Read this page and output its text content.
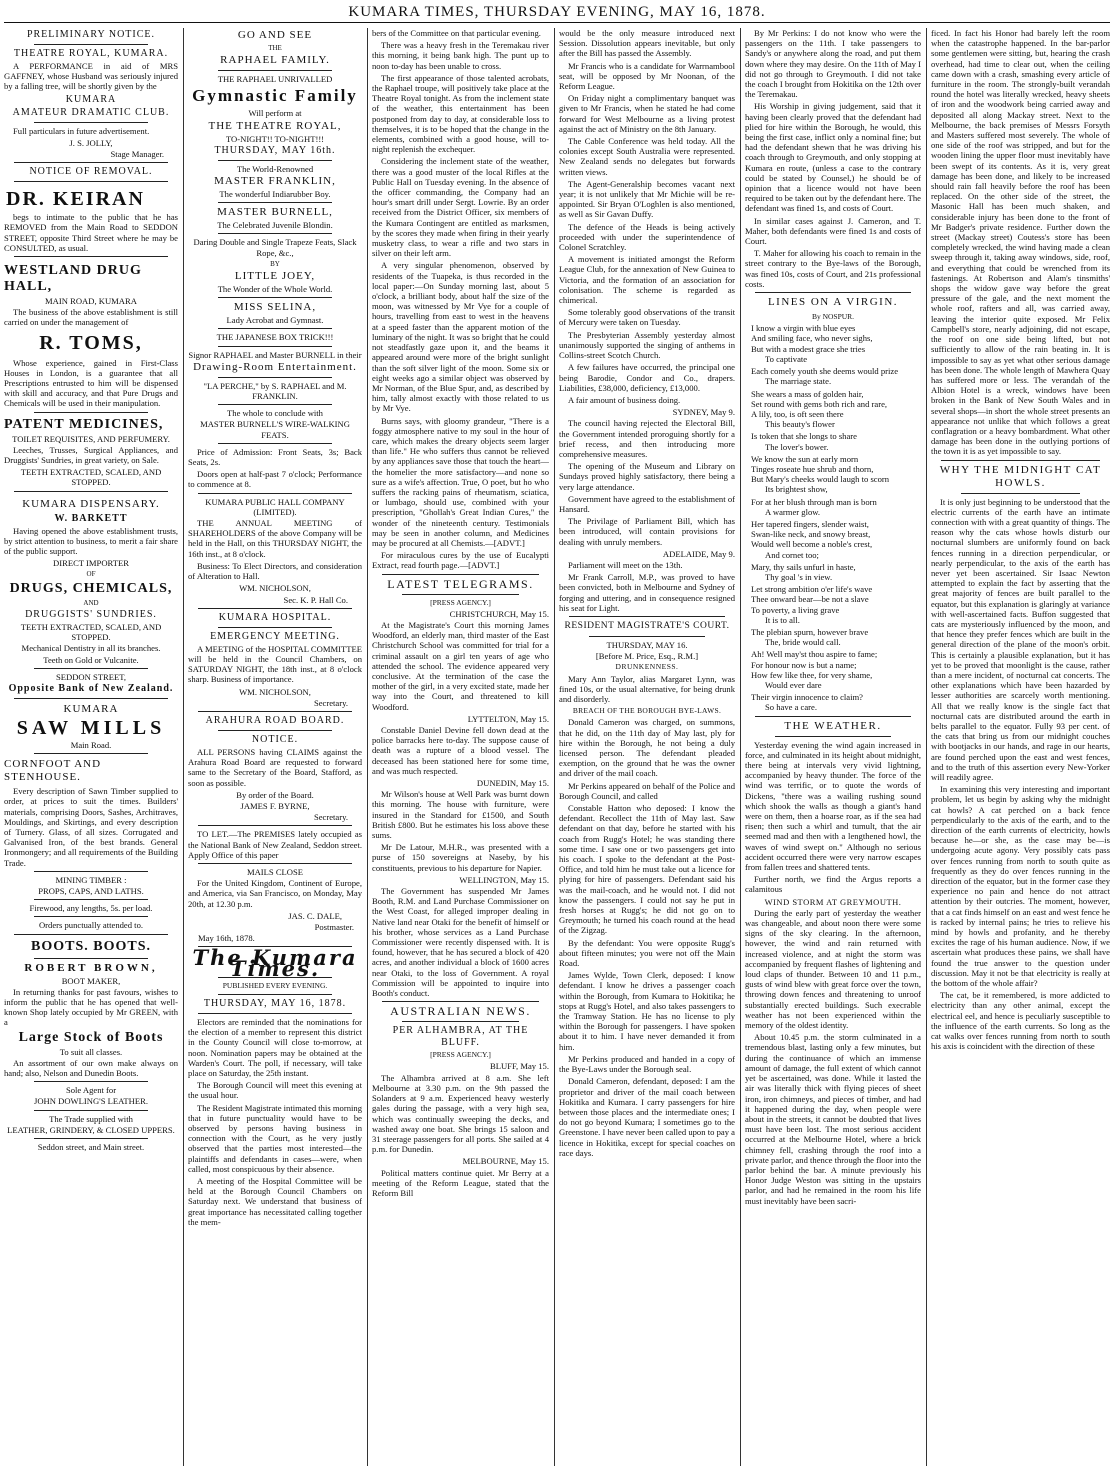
KUMARA TIMES, THURSDAY EVENING, MAY 16, 1878.
PRELIMINARY NOTICE.
THEATRE ROYAL, KUMARA.

A PERFORMANCE in aid of MRS GAFFNEY, whose Husband was seriously injured by a falling tree, will be shortly given by the

KUMARA
AMATEUR DRAMATIC CLUB.

Full particulars in future advertisement.

J. S. JOLLY,
Stage Manager.
NOTICE OF REMOVAL.
DR. KEIRAN

begs to intimate to the public that he has REMOVED from the Main Road to SEDDON STREET, opposite Third Street where he may be CONSULTED, as usual.

WESTLAND DRUG HALL,
MAIN ROAD, KUMARA

The business of the above establishment is still carried on under the management of

R. TOMS,

Whose experience, gained in First-Class Houses in London, is a guarantee that all Prescriptions entrusted to him will be dispensed with skill and accuracy, and that Pure Drugs and Chemicals will be used in their manipulation.

PATENT MEDICINES,
TOILET REQUISITES, AND PERFUMERY.

Leeches, Trusses, Surgical Appliances, and Druggists' Sundries, in great variety, on Sale.

TEETH EXTRACTED, SCALED, AND STOPPED.
KUMARA DISPENSARY.
W. BARKETT

Having opened the above establishment trusts, by strict attention to business, to merit a fair share of the public support.

DIRECT IMPORTER
OF
DRUGS, CHEMICALS,
AND
DRUGGISTS' SUNDRIES.
TEETH EXTRACTED, SCALED, AND STOPPED.
Mechanical Dentistry in all its branches.
Teeth on Gold or Vulcanite.
SEDDON STREET,
Opposite Bank of New Zealand.
KUMARA
SAW MILLS
Main Road.
CORNFOOT AND STENHOUSE.

Every description of Sawn Timber supplied to order, at prices to suit the times. Builders' materials, comprising Doors, Sashes, Architraves, Mouldings, and Skirtings, and every description of Turnery. Glass, of all sizes. Corrugated and Galvanised Iron, of the best brands. General Ironmongery; and all requirements of the Building Trade.

MINING TIMBER :
PROPS, CAPS, AND LATHS.
Firewood, any lengths, 5s. per load.
Orders punctually attended to.
BOOTS. BOOTS.
ROBERT BROWN,
BOOT MAKER,

In returning thanks for past favours, wishes to inform the public that he has opened that well-known Shop lately occupied by Mr GREEN, with a

Large Stock of Boots
To suit all classes.

An assortment of our own make always on hand; also, Nelson and Dunedin Boots.

Sole Agent for
JOHN DOWLING'S LEATHER.
The Trade supplied with
LEATHER, GRINDERY, & CLOSED UPPERS.
Seddon street, and Main street.
GO AND SEE
THE
RAPHAEL FAMILY.
THE RAPHAEL UNRIVALLED
Gymnastic Family
Will perform at
THE THEATRE ROYAL,
TO-NIGHT!! TO-NIGHT!!!
THURSDAY, MAY 16th.
The World-Renowned
MASTER FRANKLIN,
The wonderful Indiarubber Boy.
MASTER BURNELL,
The Celebrated Juvenile Blondin.
Daring Double and Single Trapeze Feats, Slack Rope, &c.,
BY
LITTLE JOEY,
The Wonder of the Whole World.
MISS SELINA,
Lady Acrobat and Gymnast.
THE JAPANESE BOX TRICK!!!
Signor RAPHAEL and Master BURNELL in their
Drawing-Room Entertainment.
"LA PERCHE," by S. RAPHAEL and M. FRANKLIN.
The whole to conclude with
MASTER BURNELL'S WIRE-WALKING FEATS.

Price of Admission: Front Seats, 3s; Back Seats, 2s.

Doors open at half-past 7 o'clock; Performance to commence at 8.

KUMARA PUBLIC HALL COMPANY (LIMITED).

THE ANNUAL MEETING of SHAREHOLDERS of the above Company will be held in the Hall, on this THURSDAY NIGHT, the 16th inst., at 8 o'clock.

Business: To Elect Directors, and consideration of Alteration to Hall.

WM. NICHOLSON,
Sec. K. P. Hall Co.
KUMARA HOSPITAL.
EMERGENCY MEETING.

A MEETING of the HOSPITAL COMMITTEE will be held in the Council Chambers, on SATURDAY NIGHT, the 18th inst., at 8 o'clock sharp. Business of importance.

WM. NICHOLSON,
Secretary.
ARAHURA ROAD BOARD.
NOTICE.

ALL PERSONS having CLAIMS against the Arahura Road Board are requested to forward same to the Secretary of the Board, Stafford, as soon as possible.

By order of the Board.
JAMES F. BYRNE,
Secretary.

TO LET.—The PREMISES lately occupied as the National Bank of New Zealand, Seddon street. Apply Office of this paper

MAILS CLOSE

For the United Kingdom, Continent of Europe, and America, via San Francisco, on Monday, May 20th, at 12.30 p.m.

JAS. C. DALE,
Postmaster.
May 16th, 1878.
The Kumara Times.
PUBLISHED EVERY EVENING.
THURSDAY, MAY 16, 1878.

Electors are reminded that the nominations for the election of a member to represent this district in the County Council will close to-morrow, at noon. Nomination papers may be obtained at the Warden's Court. The poll, if necessary, will take place on Saturday, the 25th instant.

The Borough Council will meet this evening at the usual hour.

The Resident Magistrate intimated this morning that in future punctuality would have to be observed by persons having business in connection with the Court, as he very justly observed that the parties most interested—the plaintiffs and defendants in cases—were, when called, most conspicuous by their absence.

A meeting of the Hospital Committee will be held at the Borough Council Chambers on Saturday next. We understand that business of great importance has necessitated calling together the mem-

bers of the Committee on that particular evening.

There was a heavy fresh in the Teremakau river this morning, it being bank high. The punt up to noon to-day has been unable to cross.

The first appearance of those talented acrobats, the Raphael troupe, will positively take place at the Theatre Royal tonight. As from the inclement state of the weather, this entertainment has been postponed from day to day, at considerable loss to themselves, it is to be hoped that the change in the elements, combined with a good house, will to-night replenish the exchequer.

Considering the inclement state of the weather, there was a good muster of the local Rifles at the Public Hall on Tuesday evening. In the absence of the officer commanding, the Company had an hour's smart drill under Sergt. Lowrie. By an order received from the District Officer, six members of the Kumara Contingent are entitled as marksmen, by the scores they made when firing in their yearly musketry class, to wear a rifle and two stars in silver on their left arm.

A very singular phenomenon, observed by residents of the Tuapeka, is thus recorded in the local paper:—On Sunday morning last, about 5 o'clock, a brilliant body, about half the size of the moon, was witnessed by Mr Vye for a couple of hours, travelling from east to west in the heavens at a speed faster than the apparent motion of the luminary of the night. It was so bright that he could not steadfastly gaze upon it, and the beams it appeared around were more of the bright sunlight than the soft silver light of the moon. Some six or eight weeks ago a similar object was observed by Mr Norman, of the Blue Spur, and, as described by him, tally almost exactly with those related to us by Mr Vye.

Burns says, with gloomy grandeur, "There is a foggy atmosphere native to my soul in the hour of care, which makes the dreary objects seem larger than life." He who suffers thus cannot be relieved by any appliances save those that touch the heart—the homelier the more satisfactory—and none so sure as a wife's affection. True, O poet, but ho who suffers the racking pains of rheumatism, sciatica, or lumbago, should use, combined with your prescription, "Ghollah's Great Indian Cures," the wonder of the nineteenth century. Testimonials may be seen in another column, and Medicines may be procured at all Chemists.—[ADVT.]

For miraculous cures by the use of Eucalypti Extract, read fourth page.—[ADVT.]

LATEST TELEGRAMS.
[PRESS AGENCY.]
CHRISTCHURCH, May 15.

At the Magistrate's Court this morning James Woodford, an elderly man, third master of the East Christchurch School was committed for trial for a criminal assault on a girl ten years of age who attended the school. The evidence appeared very conclusive. At the termination of the case the mother of the girl, in a very excited state, made her way into the Court, and threatened to kill Woodford.

LYTTELTON, May 15.

Constable Daniel Devine fell down dead at the police barracks here to-day. The suppose cause of death was a rupture of a blood vessel. The deceased has been stationed here for some time, and was much respected.

DUNEDIN, May 15.

Mr Wilson's house at Well Park was burnt down this morning. The house with furniture, were insured in the Standard for £1500, and South British £800. But he estimates his loss above these sums.

Mr De Latour, M.H.R., was presented with a purse of 150 sovereigns at Naseby, by his constituents, previous to his departure for Napier.

WELLINGTON, May 15.

The Government has suspended Mr James Booth, R.M. and Land Purchase Commissioner on the West Coast, for alleged improper dealing in Native land near Otaki for the benefit of himself or his brother, whose services as a Land Purchase Commissioner were recently dispensed with. It is found, however, that he has secured a block of 420 acres, and another individual a block of 1600 acres near Otaki, to the loss of Government. A royal Commission will be appointed to inquire into Booth's conduct.

AUSTRALIAN NEWS.
PER ALHAMBRA, AT THE BLUFF.
[PRESS AGENCY.]
BLUFF, May 15.

The Alhambra arrived at 8 a.m. She left Melbourne at 3.30 p.m. on the 9th passed the Solanders at 9 a.m. Experienced heavy westerly gales during the passage, with a very high sea, which was continually sweeping the decks, and washed away one boat. She brings 15 saloon and 31 steerage passengers for all ports. She sailed at 4 p.m. for Dunedin.

MELBOURNE, May 15.

Political matters continue quiet. Mr Berry at a meeting of the Reform League, stated that the Reform Bill

would be the only measure introduced next Session. Dissolution appears inevitable, but only after the Bill has passed the Assembly.

Mr Francis who is a candidate for Warrnambool seat, will be opposed by Mr Noonan, of the Reform League.

On Friday night a complimentary banquet was given to Mr Francis, when he stated he had come forward for West Melbourne as a living protest against the act of Ministry on the 8th January.

The Cable Conference was held today. All the colonies except South Australia were represented. New Zealand sends no delegates but forwards written views.

The Agent-Generalship becomes vacant next year; it is not unlikely that Mr Michie will be re-appointed. Sir Bryan O'Loghlen is also mentioned, as well as Sir Gavan Duffy.

The defence of the Heads is being actively proceeded with under the superintendence of Colonel Scratchley.

A movement is initiated amongst the Reform League Club, for the annexation of New Guinea to Victoria, and the formation of an association for colonisation. The scheme is regarded as chimerical.

Some tolerably good observations of the transit of Mercury were taken on Tuesday.

The Presbyterian Assembly yesterday almost unanimously supported the singing of anthems in Collins-street Scotch Church.

A few failures have occurred, the principal one being Barodie, Condor and Co., drapers. Liabilities, £38,000, deficiency, £13,000.

A fair amount of business doing.

SYDNEY, May 9.

The council having rejected the Electoral Bill, the Government intended proroguing shortly for a brief recess, and then introducing more comprehensive measures.

The opening of the Museum and Library on Sundays proved highly satisfactory, there being a very large attendance.

Government have agreed to the establishment of Hansard.

The Privilage of Parliament Bill, which has been introduced, will contain provisions for dealing with unruly members.

ADELAIDE, May 9.

Parliament will meet on the 13th.

Mr Frank Carroll, M.P., was proved to have been convicted, both in Melbourne and Sydney of forging and uttering, and in consequence resigned his seat for Light.

RESIDENT MAGISTRATE'S COURT.
THURSDAY, MAY 16.
[Before M. Price, Esq., R.M.]
DRUNKENNESS.

Mary Ann Taylor, alias Margaret Lynn, was fined 10s, or the usual alternative, for being drunk and disorderly.

BREACH OF THE BOROUGH BYE-LAWS.

Donald Cameron was charged, on summons, that he did, on the 11th day of May last, ply for hire within the Borough, he not being a duly licensed person. The defendant pleaded exemption, on the ground that he was the owner and driver of the mail coach.

Mr Perkins appeared on behalf of the Police and Borough Council, and called

Constable Hatton who deposed: I know the defendant. Recollect the 11th of May last. Saw defendant on that day, before he started with his coach from Rugg's Hotel; he was standing there some time. I saw one or two passengers get into his coach. I spoke to the defendant at the Post-Office, and told him he must take out a licence for plying for hire of passengers. Defendant said his was the mail-coach, and he would not. I did not know the passengers. I could not say he put in fresh horses at Rugg's; he did not go on to Greymouth; he turned his coach round at the head of the Zigzag.

By the defendant: You were opposite Rugg's about fifteen minutes; you were not off the Main Road.

James Wylde, Town Clerk, deposed: I know defendant. I know he drives a passenger coach within the Borough, from Kumara to Hokitika; he stops at Rugg's Hotel, and also takes passengers to the Tramway Station. He has no license to ply within the Borough for passengers. I have spoken about it to him. I have never demanded it from him.

Mr Perkins produced and handed in a copy of the Bye-Laws under the Borough seal.

Donald Cameron, defendant, deposed: I am the proprietor and driver of the mail coach between Hokitika and Kumara. I carry passengers for hire between those places and the intermediate ones; I do not go beyond Kumara; I sometimes go to the Greenstone. I have never been called upon to pay a licence in Hokitika, except for special coaches on race days.

By Mr Perkins: I do not know who were the passengers on the 11th. I take passengers to Sandy's or anywhere along the road, and put them down where they may desire. On the 11th of May I did not go through to Greymouth. I did not take the coach I brought from Hokitika on the 12th over the Teremakau.

His Worship in giving judgement, said that it having been clearly proved that the defendant had plied for hire within the Borough, he would, this being the first case, inflict only a nominal fine; but had the defendant shewn that he was driving his coach through to Greymouth, and only stopping at Kumara en route, (unless a case to the contrary could be stated by Counsel,) he should be of opinion that a licence would not have been required to be taken out by the defendant here. The defendant was fined 1s, and costs of Court.

In similar cases against J. Cameron, and T. Maher, both defendants were fined 1s and costs of Court.

T. Maher for allowing his coach to remain in the street contrary to the Bye-laws of the Borough, was fined 10s, costs of Court, and 21s professional costs.

LINES ON A VIRGIN.
By NOSPUR.

I know a virgin with blue eyes

And smiling face, who never sighs,

But with a modest grace she tries

To captivate

Each comely youth she deems would prize

The marriage state.

She wears a mass of golden hair,

Set round with gems both rich and rare,

A lily, too, is oft seen there

This beauty's flower

Is token that she longs to share

The lover's bower.

We know the sun at early morn

Tinges roseate hue shrub and thorn,

But Mary's cheeks would laugh to scorn

Its brightest show,

For at her blush through man is born

A warmer glow.

Her tapered fingers, slender waist,

Swan-like neck, and snowy breast,

Would well become a noble's crest,

And cornet too;

Mary, thy sails unfurl in haste,

Thy goal 's in view.

Let strong ambition o'er life's wave

Thee onward bear—be not a slave

To poverty, a living grave

It is to all.

The plebian spurn, however brave

The, bride would call.

Ah! Well may'st thou aspire to fame;

For honour now is but a name;

How few like thee, for very shame,

Would ever dare

Their virgin innocence to claim?

So have a care.

THE WEATHER.

Yesterday evening the wind again increased in force, and culminated in its height about midnight, there being at intervals very vivid lightning, accompanied by heavy thunder. The force of the wind was terrific, or to quote the words of Dickens, "there was a wailing rushing sound which shook the walls as though a giant's hand were on them, then a hoarse roar, as if the sea had risen; then such a whirl and tumult, that the air seemed mad and then with a lengthened howl, the waves of wind swept on." Although no serious accident occurred there were very narrow escapes from fallen trees and shattered tents.

Further north, we find the Argus reports a calamitous

WIND STORM AT GREYMOUTH.

During the early part of yesterday the weather was changeable, and about noon there were some signs of the sky clearing. In the afternoon, however, the wind and rain returned with increased violence, and at night the storm was accompanied by frequent flashes of lightening and loud claps of thunder. Between 10 and 11 p.m., gusts of wind blew with great force over the town, throwing down fences and threatening to unroof substantially erected buildings. Such execrable weather has not been experienced within the memory of the oldest identity.

About 10.45 p.m. the storm culminated in a tremendous blast, lasting only a few minutes, but during the continuance of which an immense amount of damage, the full extent of which cannot yet be ascertained, was done. While it lasted the air was literally thick with flying pieces of sheet iron, iron chimneys, and pieces of timber, and had it happened during the day, when people were about in the streets, it cannot be doubted that lives must have been lost. The most serious accident occurred at the Melbourne Hotel, where a brick chimney fell, crashing through the roof into a private parlor, and thence through the floor into the parlor behind the bar. A minute previously his Honor Judge Weston was sitting in the upstairs parlor, and had he remained in the room his life must inevitably have been sacri-

ficed. In fact his Honor had barely left the room when the catastrophe happened. In the bar-parlor some gentlemen were sitting, but, hearing the crash overhead, had time to clear out, when the ceiling came down with a crash, smashing every article of furniture in the room. The strongly-built verandah round the hotel was literally wrecked, heavy sheets of iron and the woodwork being carried away and deposited all along Mackay street. Next to the Melbourne, the back premises of Messrs Forsyth and Masters suffered most severely. The whole of one side of the roof was stripped, and but for the wooden lining the upper floor must inevitably have been swept of its contents. As it is, very great damage has been done, and likely to be increased should rain fall heavily before the roof has been replaced. On the other side of the street, the Masonic Hall has been much shaken, and considerable injury has been done to the front of Mr Badger's private residence. Further down the street (Mackay street) Coutess's store has been completely wrecked, the wind having made a clean sweep through it, taking away windows, side, roof, and everything that could be wrenched from its fastenings. At Robertson and Alam's tinsmiths' shops the widow gave way before the great pressure of the gale, and the next moment the whole roof, rafters and all, was carried away, leaving the interior quite exposed. Mr Felix Campbell's store, nearly adjoining, did not escape, the roof on one side being lifted, but not sufficiently to allow of the rain beating in. It is impossible to say as yet what other serious damage has been done. The whole length of Mawhera Quay has suffered more or less. The verandah of the Albion Hotel is a wreck, windows have been broken in the Bank of New South Wales and in several shops—in short the whole street presents an appearance not unlike that which follows a great conflagration or a heavy bombardment. What other damage has been done in the outlying portions of the town it is as yet impossible to say.

WHY THE MIDNIGHT CAT HOWLS.

It is only just beginning to be understood that the electric currents of the earth have an intimate connection with with a great quantity of things. The reason why the cats whose howls disturb our nocturnal slumbers are uniformly found on back fences running in a direction perpendicular, or nearly perpendicular, to the axis of the earth has never yet been ascertained. Sir Isaac Newton attempted to explain the fact by asserting that the great majority of fences are built parallel to the equator, but this explanation is glaringly at variance with well-ascertained facts. Buffon suggested that cats are mysteriously influenced by the moon, and that hence they prefer fences which are built in the general direction of the plane of the moon's orbit. This is certainly a plausible explanation, but it has yet to be proved that moonlight is the cause, rather than a mere incident, of nocturnal cat concerts. The other explanations which have been hazarded by lesser authorities are scarcely worth mentioning. All that we really know is the single fact that nocturnal cats are distributed around the earth in belts parallel to the equator. Fully 93 per cent. of the cats that bring us from our midnight couches with bootjacks in our hands, and rage in our hearts, are found perched upon the east and west fences, and to the truth of this assertion every New-Yorker will readily agree.

In examining this very interesting and important problem, let us begin by asking why the midnight cat howls? A cat perched on a back fence perpendicularly to the axis of the earth, and to the direction of the earth currents of electricity, howls because he—or she, as the case may be—is undergoing acute agony. Very possibly cats pass over fences running from north to south quite as frequently as they do over fences running in the direction of the equator, but in the former case they experience no pain and hence do not attract attention by their outcries. The moment, however, that a cat finds himself on an east and west fence he is racked by internal pains; he tries to relieve his mind by howls and profanity, and he thereby excites the rage of his human audience. Now, if we ascertain what produces these pains, we shall have found the true answer to the question under discussion. May it not be that electricity is really at the bottom of the whole affair?

The cat, be it remembered, is more addicted to electricity than any other animal, except the electrical eel, and hence is peculiarly susceptible to the influence of the earth currents. So long as the cat walks over fences running from north to south his axis is coincident with the direction of these
